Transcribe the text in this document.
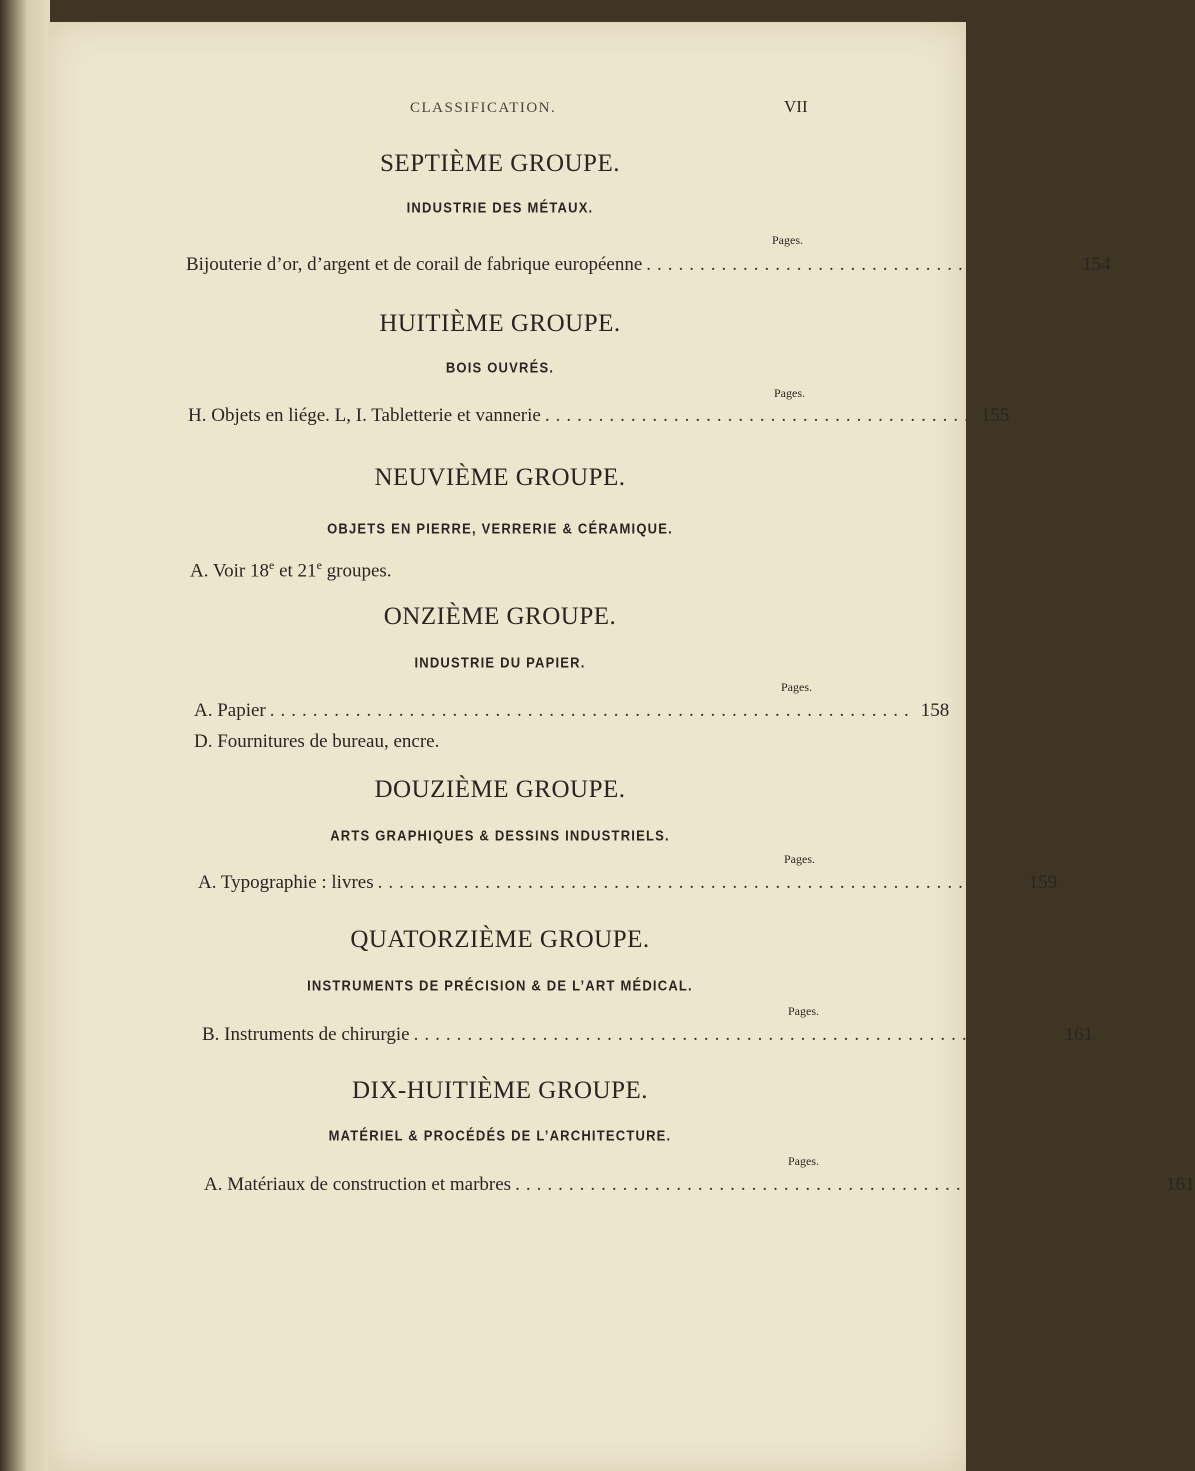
CLASSIFICATION.	VII
SEPTIÈME GROUPE.
INDUSTRIE DES MÉTAUX.
Pages.
Bijouterie d’or, d’argent et de corail de fabrique européenne ........................................ 154
HUITIÈME GROUPE.
BOIS OUVRÉS.
Pages.
H. Objets en liége. L, I. Tabletterie et vannerie ........................................ 155
NEUVIÈME GROUPE.
OBJETS EN PIERRE, VERRERIE & CÉRAMIQUE.
A. Voir 18e et 21e groupes.
ONZIÈME GROUPE.
INDUSTRIE DU PAPIER.
Pages.
A. Papier ............................................................ 158
D. Fournitures de bureau, encre.
DOUZIÈME GROUPE.
ARTS GRAPHIQUES & DESSINS INDUSTRIELS.
Pages.
A. Typographie : livres ............................................................ 159
QUATORZIÈME GROUPE.
INSTRUMENTS DE PRÉCISION & DE L’ART MÉDICAL.
Pages.
B. Instruments de chirurgie ............................................................ 161
DIX-HUITIÈME GROUPE.
MATÉRIEL & PROCÉDÉS DE L’ARCHITECTURE.
Pages.
A. Matériaux de construction et marbres ............................................................ 161
